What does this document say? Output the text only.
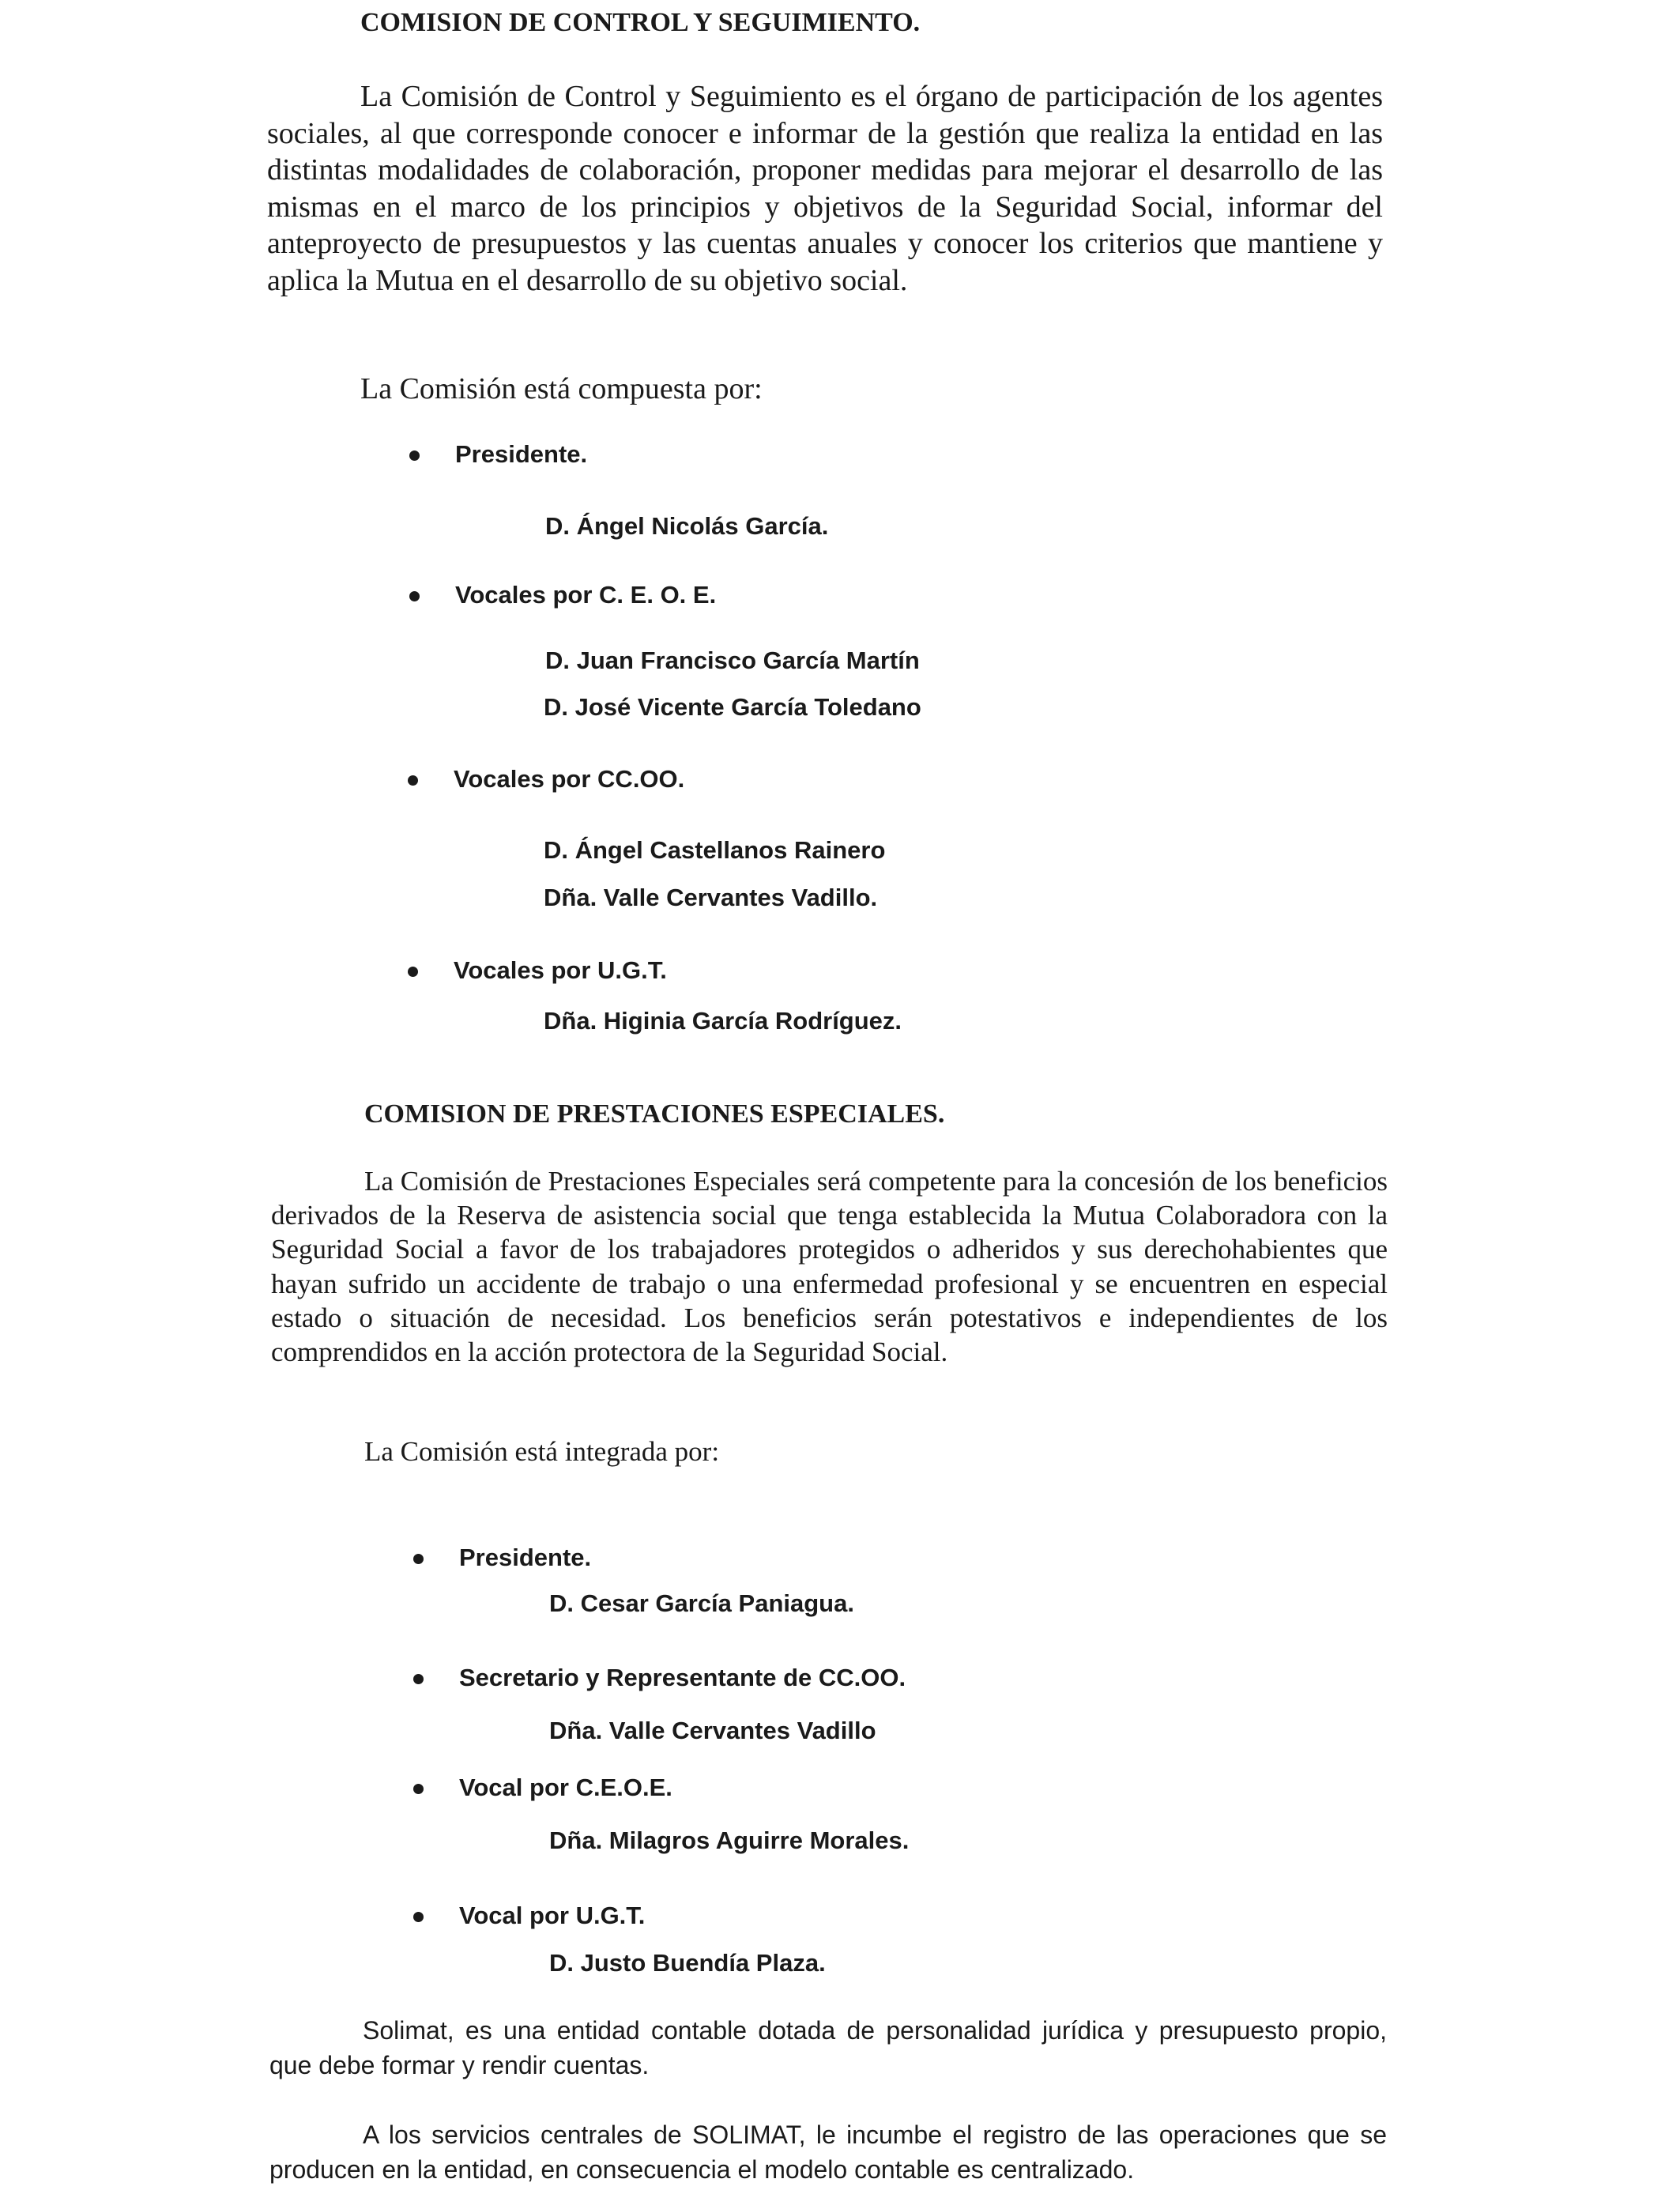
COMISION DE CONTROL Y SEGUIMIENTO.
La Comisión de Control y Seguimiento es el órgano de participación de los agentes sociales, al que corresponde conocer e informar de la gestión que realiza la entidad en las distintas modalidades de colaboración, proponer medidas para mejorar el desarrollo de las mismas en el marco de los principios y objetivos de la Seguridad Social, informar del anteproyecto de presupuestos y las cuentas anuales y conocer los criterios que mantiene y aplica la Mutua en el desarrollo de su objetivo social.
La Comisión está compuesta por:
Presidente.
D. Ángel Nicolás García.
Vocales por C. E. O. E.
D. Juan Francisco García Martín
D. José Vicente García Toledano
Vocales por CC.OO.
D. Ángel Castellanos Rainero
Dña. Valle Cervantes Vadillo.
Vocales por U.G.T.
Dña. Higinia García Rodríguez.
COMISION DE PRESTACIONES ESPECIALES.
La Comisión de Prestaciones Especiales será competente para la concesión de los beneficios derivados de la Reserva de asistencia social que tenga establecida la Mutua Colaboradora con la Seguridad Social a favor de los trabajadores protegidos o adheridos y sus derechohabientes que hayan sufrido un accidente de trabajo o una enfermedad profesional y se encuentren en especial estado o situación de necesidad. Los beneficios serán potestativos e independientes de los comprendidos en la acción protectora de la Seguridad Social.
La Comisión está integrada por:
Presidente.
D. Cesar García Paniagua.
Secretario y Representante de CC.OO.
Dña. Valle Cervantes Vadillo
Vocal por C.E.O.E.
Dña. Milagros Aguirre Morales.
Vocal por U.G.T.
D. Justo Buendía Plaza.
Solimat, es una entidad contable dotada de personalidad jurídica y presupuesto propio, que debe formar y rendir cuentas.
A los servicios centrales de SOLIMAT, le incumbe el registro de las operaciones que se producen en la entidad, en consecuencia el modelo contable es centralizado.
